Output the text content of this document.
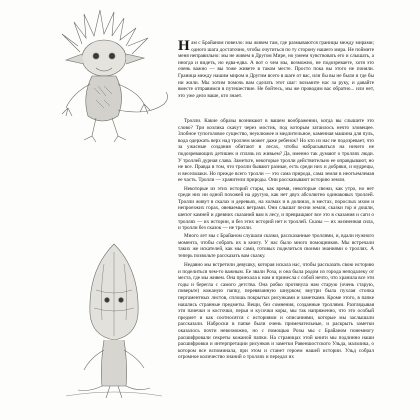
Нам с Брайаном повезло: мы живем там, где размываются границы между мирами; одного шага достаточно, чтобы очутиться по ту сторону нашего мира. Не поймите меня неправильно: мы не живем в Другом Мире, но умеем чувствовать его и слышать, а иногда и видеть, но едва-едва. А вот о чем мы, возможно, не подозреваете, хотя это очень важно — вы тоже живете в таком месте. Просто пока вы этого не поняли. Граница между нашим миром и Другим всего в шаге от вас, или бы вы не были и где бы ни жили. Мы хотим помочь вам сделать этот шаг: возьмите нас за руку, и давайте вместе отправимся в путешествие. Не бойтесь, мы же проводим вас обратно... или нет, это уже дело ваше, кто знает.

Тролли. Какие образы возникают в вашем воображении, когда вы слышите это слово? Три козлика скачут через мостик, под которым затаилось нечто зловещее. Злобное тупоголовое существо, неуклюжее и медлительное, каменная машина для пуль, вода одержать верх над троллем может даже ребенок? Но кто из нас не подозревает, что за ужасные создания обитают в лесах, чтобы набрасываться на ничего не подозревающих детишек и сплачь их живьем? Да, именно так думают о троллях люди. У троллей дурная слава. Заметьте, некоторые тролли действительно ее оправдывают, но не все. Правда в том, что тролли бывают разные, есть среди них и добряки, и мудрецы, и весельчаки. Но прежде всего тролли — это сама природа, сама земля в неотъемлемая ее часть. Тролли — хранители природы. Они рассказывают историю земли.

Некоторые из этих историй стары, как время, некоторые свежи, как утро, но нет среди них ни одной похожей на другую, как нет двух абсолютно одинаковых троллей. Тролли живут в скалах и деревьях, на холмах и в долинах, в местах, порослых мхом и непроезжих горах, овеваемых ветрами. Они слышат песни земли, сказки гор и дошли, шепот камней и древних сказаний вам в лесу, и превращают все это в сказания и саги о троллях — их истории, и без этих историй нет и троллей. Сказы — их жизненная сила, и тролли без сказок — не тролли.

Много лет мы с Брайаном слушали сказки, рассказанные троллями, и, вдали нужного момента, чтобы собрать их в книгу. У нас было много помощников. Мы встречали таких же искателей, как мы сами, готовых поделиться своими знаниями о троллях. А теперь позвольте рассказать вам сказку.

Недавно мы встретили девушку, которая искала нас, чтобы рассказать свою историю и поделиться чем-то важным. Ее звали Роза, и она была родом из города неподалеку от места, где мы живем. Она приехала к нам и принесла с собой нечто, что хранила все эти годы и берегла с самого детства. Она робко протянула нам старую (очень старую, поверьте) кожаную папку, перевязанную шнурком; внутри была пухлая стопка пергаментных листов, сплошь покрытых рисунками и заметками. Кроме этого, в папке нашлись странные предметы. Вещи, без сомнения, созданные троллями. Разглядывая эти пачечки и косточки, перья и кусочки коры, мы так напряженно, что это особый предмет и как соотносятся с историями и описаниями, которые мы заслышали рассказали. Наброски в папке были очень примечательные, и раскрыть заметки оказалось почти невозможно, но с помощью Розы мы с Брайаном понемногу расшифровали секреты кожаной папки. На страницах этой книги мы подлинно наши расшифровки и интерпретации рисунков и заметки Равеншостского Ульда, мальчика, о котором все вспоминала, при этом и станет героем нашей истории. Ульд собрал огромное количество знаний о троллях и передал их
